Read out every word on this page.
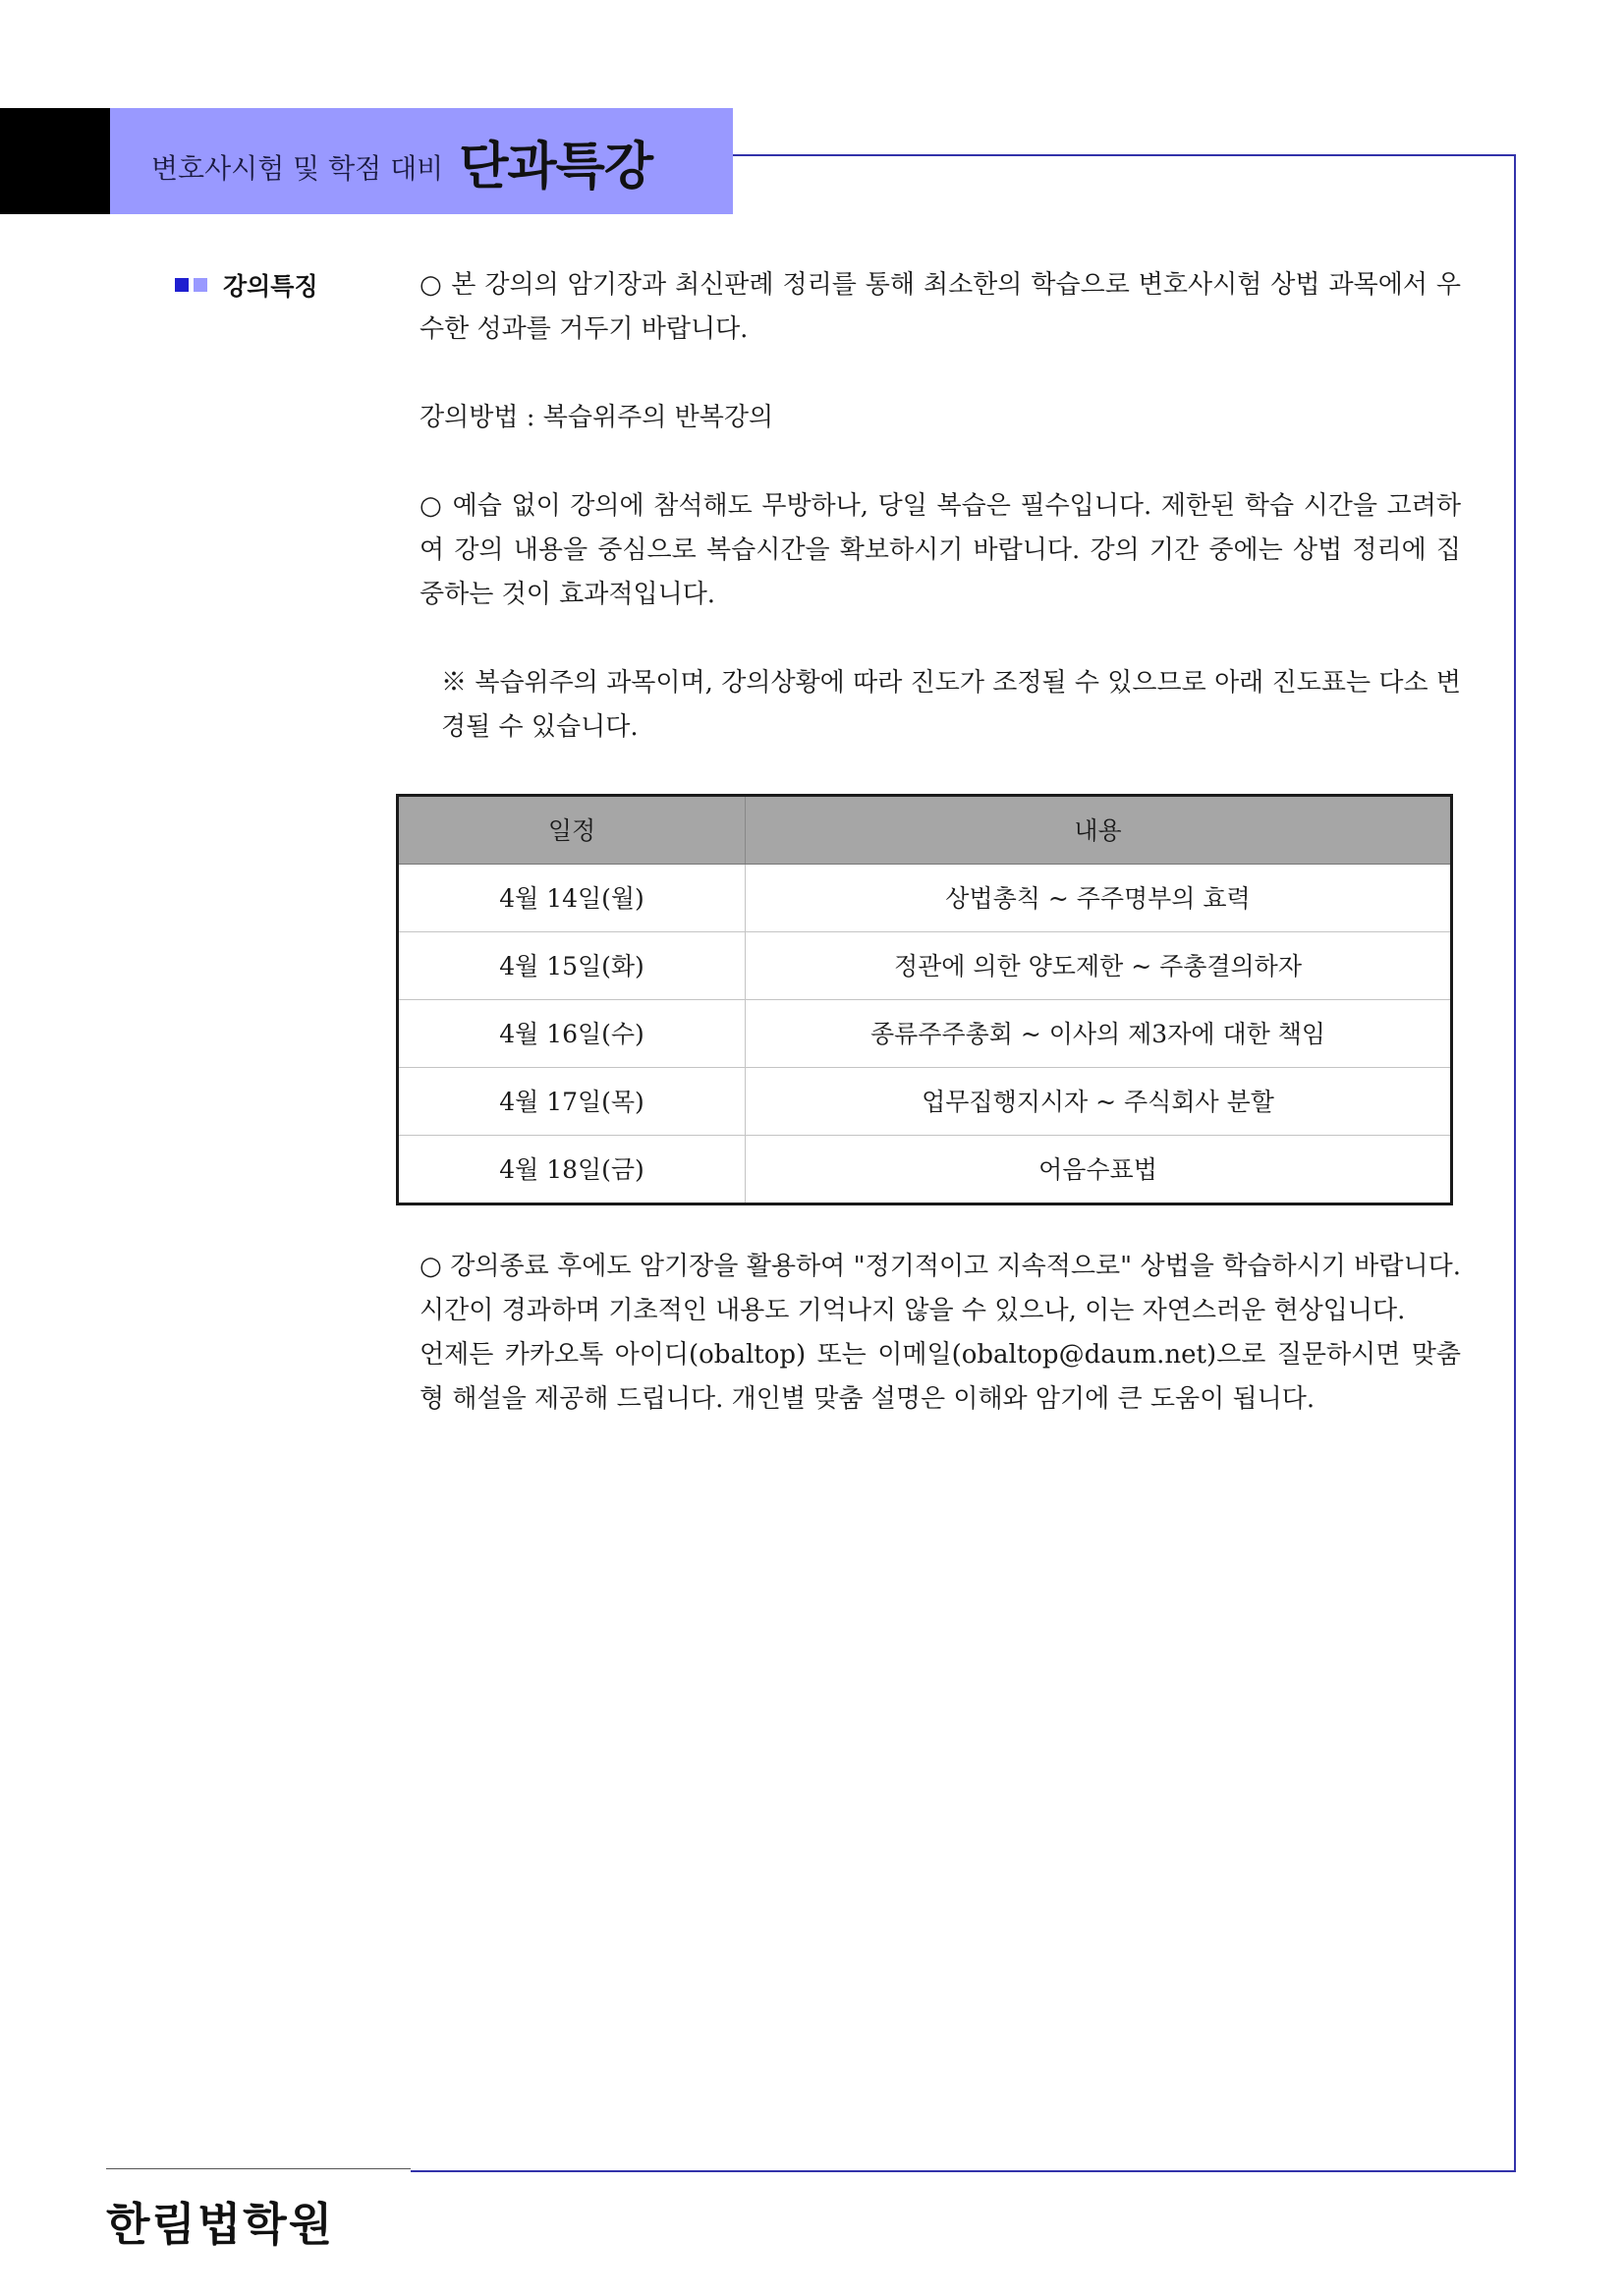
변호사시험 및 학점 대비 단과특강
강의특징	○ 본 강의의 암기장과 최신판례 정리를 통해 최소한의 학습으로 변호사시험 상법 과목에서 우수한 성과를 거두기 바랍니다.

강의방법 : 복습위주의 반복강의

○ 예습 없이 강의에 참석해도 무방하나, 당일 복습은 필수입니다. 제한된 학습 시간을 고려하여 강의 내용을 중심으로 복습시간을 확보하시기 바랍니다. 강의 기간 중에는 상법 정리에 집중하는 것이 효과적입니다.

※ 복습위주의 과목이며, 강의상황에 따라 진도가 조정될 수 있으므로 아래 진도표는 다소 변경될 수 있습니다.

일정	내용
4월 14일(월)	상법총칙 ~ 주주명부의 효력
4월 15일(화)	정관에 의한 양도제한 ~ 주총결의하자
4월 16일(수)	종류주주총회 ~ 이사의 제3자에 대한 책임
4월 17일(목)	업무집행지시자 ~ 주식회사 분할
4월 18일(금)	어음수표법

○ 강의종료 후에도 암기장을 활용하여 "정기적이고 지속적으로" 상법을 학습하시기 바랍니다. 시간이 경과하며 기초적인 내용도 기억나지 않을 수 있으나, 이는 자연스러운 현상입니다.

언제든 카카오톡 아이디(obaltop) 또는 이메일(obaltop@daum.net)으로 질문하시면 맞춤형 해설을 제공해 드립니다. 개인별 맞춤 설명은 이해와 암기에 큰 도움이 됩니다.

한림법학원
